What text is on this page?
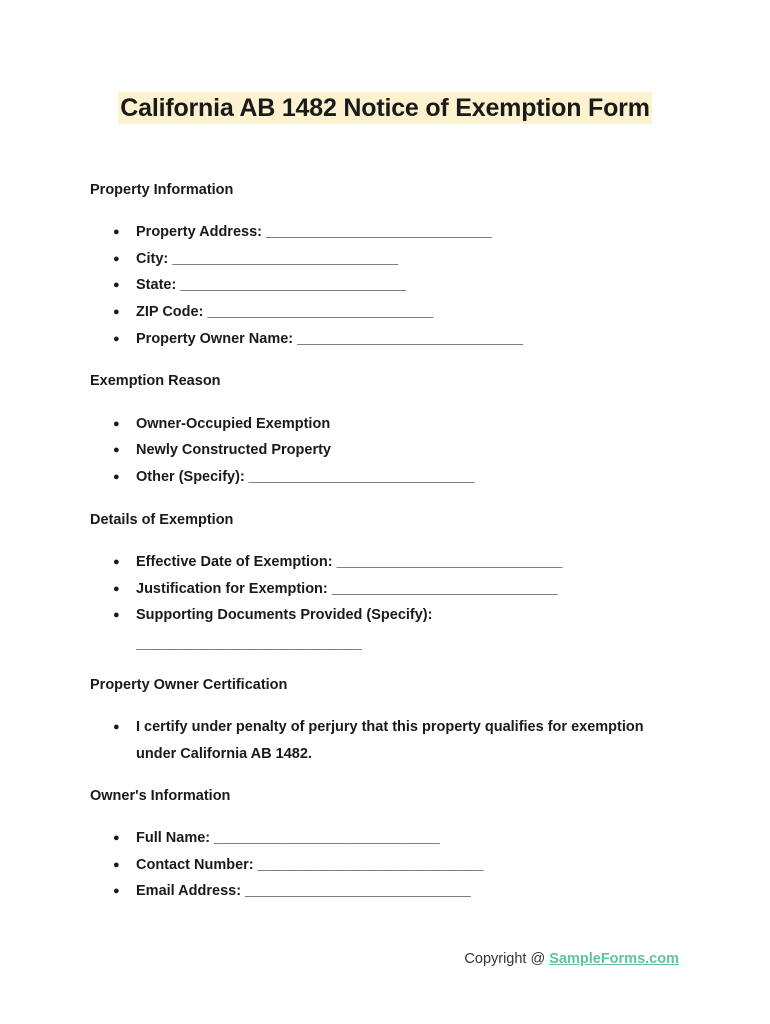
California AB 1482 Notice of Exemption Form
Property Information
● Property Address: ____________________________
● City: ____________________________
● State: ____________________________
● ZIP Code: ____________________________
● Property Owner Name: ____________________________
Exemption Reason
● Owner-Occupied Exemption
● Newly Constructed Property
● Other (Specify): ____________________________
Details of Exemption
● Effective Date of Exemption: ____________________________
● Justification for Exemption: ____________________________
● Supporting Documents Provided (Specify):
____________________________
Property Owner Certification
● I certify under penalty of perjury that this property qualifies for exemption
under California AB 1482.
Owner's Information
● Full Name: ____________________________
● Contact Number: ____________________________
● Email Address: ____________________________
Copyright @ SampleForms.com
